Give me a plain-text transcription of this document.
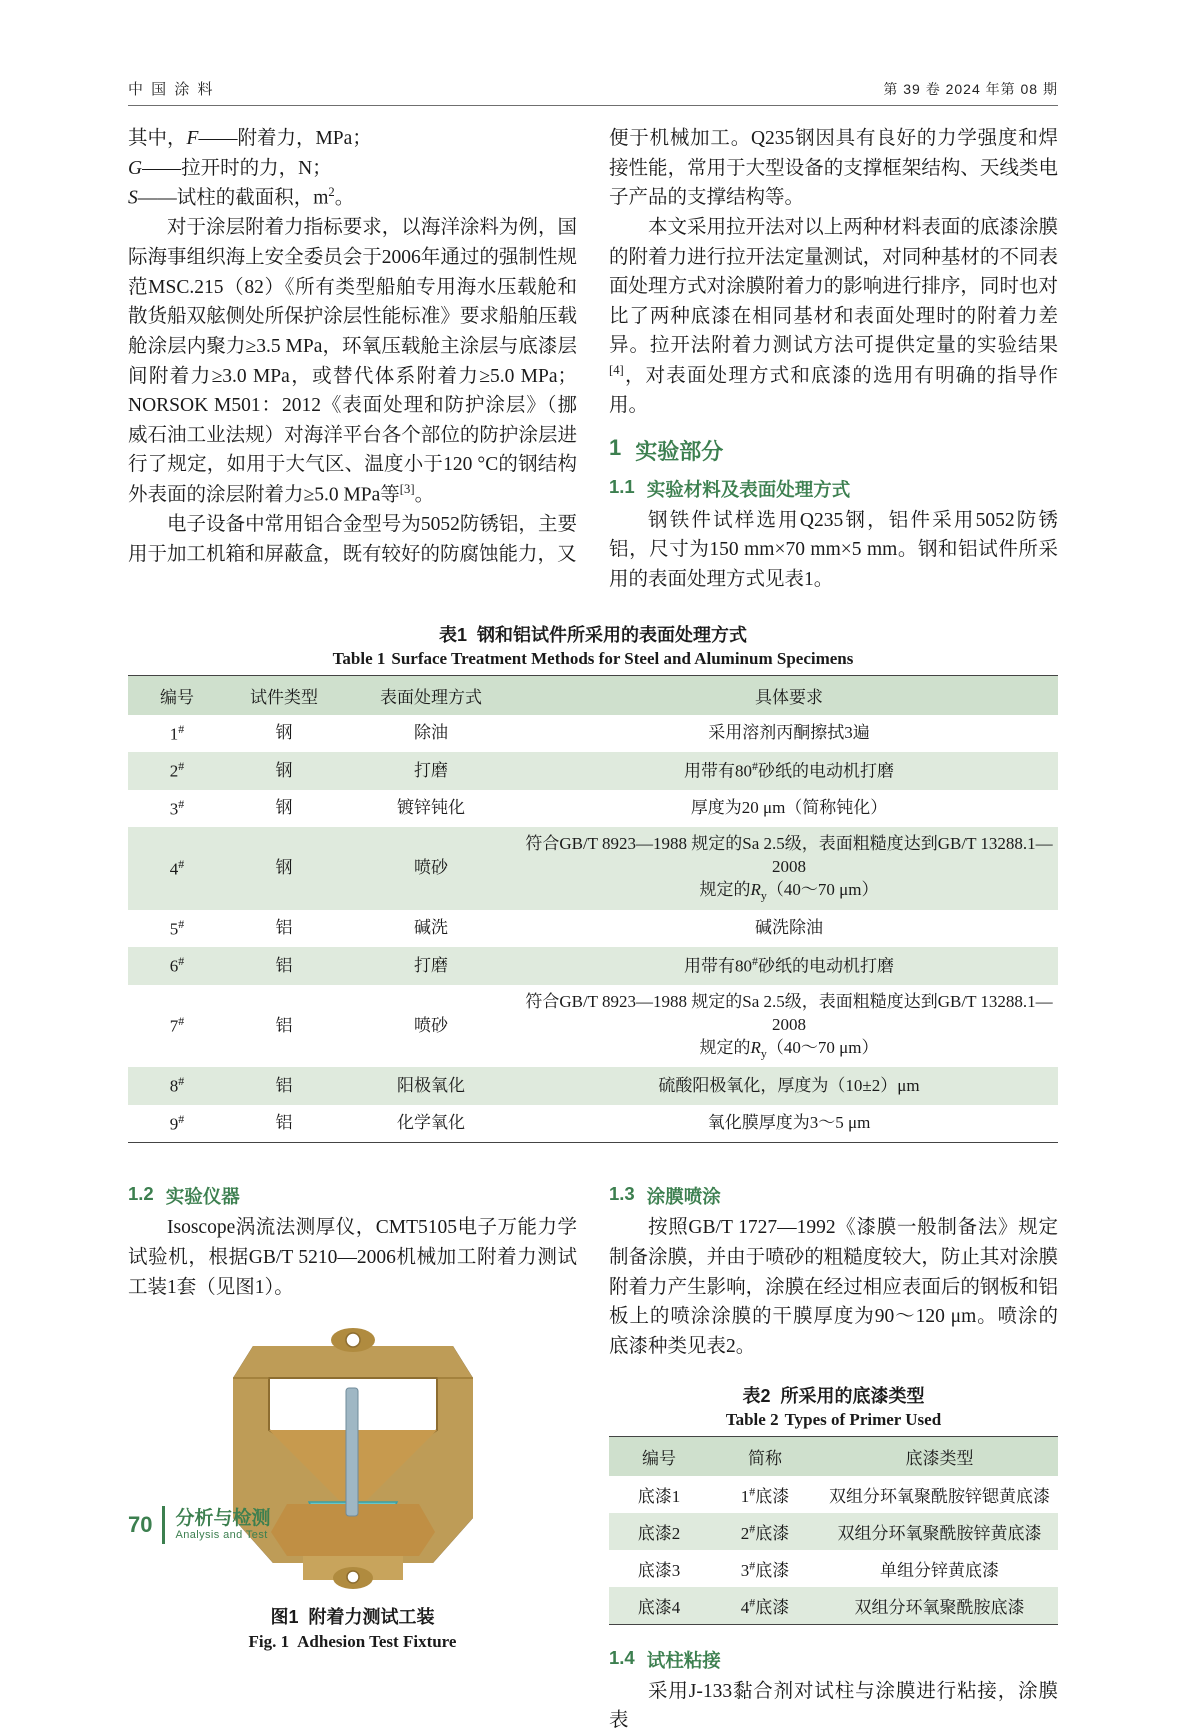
中 国 涂 料	第 39 卷 2024 年第 08 期

其中，F——附着力，MPa；

G——拉开时的力，N；

S——试柱的截面积，$m^2$。

对于涂层附着力指标要求，以海洋涂料为例，国际海事组织海上安全委员会于2006年通过的强制性规范MSC.215（82）《所有类型船舶专用海水压载舱和散货船双舷侧处所保护涂层性能标准》要求船舶压载舱涂层内聚力≥3.5 MPa，环氧压载舱主涂层与底漆层间附着力≥3.0 MPa，或替代体系附着力≥5.0 MPa；NORSOK M501：2012《表面处理和防护涂层》（挪威石油工业法规）对海洋平台各个部位的防护涂层进行了规定，如用于大气区、温度小于120 °C的钢结构外表面的涂层附着力≥5.0 MPa等[3]。

电子设备中常用铝合金型号为5052防锈铝，主要用于加工机箱和屏蔽盒，既有较好的防腐蚀能力，又

便于机械加工。Q235钢因具有良好的力学强度和焊接性能，常用于大型设备的支撑框架结构、天线类电子产品的支撑结构等。

本文采用拉开法对以上两种材料表面的底漆涂膜的附着力进行拉开法定量测试，对同种基材的不同表面处理方式对涂膜附着力的影响进行排序，同时也对比了两种底漆在相同基材和表面处理时的附着力差异。拉开法附着力测试方法可提供定量的实验结果[4]，对表面处理方式和底漆的选用有明确的指导作用。

1 实验部分
1.1 实验材料及表面处理方式

钢铁件试样选用Q235钢，铝件采用5052防锈铝，尺寸为150 mm×70 mm×5 mm。钢和铝试件所采用的表面处理方式见表1。

表1 钢和铝试件所采用的表面处理方式
Table 1 Surface Treatment Methods for Steel and Aluminum Specimens
编号	试件类型	表面处理方式	具体要求
1#	钢	除油	采用溶剂丙酮擦拭3遍
2#	钢	打磨	用带有80#砂纸的电动机打磨
3#	钢	镀锌钝化	厚度为20 μm（简称钝化）
4#	钢	喷砂	符合GB/T 8923—1988 规定的Sa 2.5级，表面粗糙度达到GB/T 13288.1—2008
规定的$R_y(40\sim 70$ μm）
5#	铝	碱洗	碱洗除油
6#	铝	打磨	用带有80#砂纸的电动机打磨
7#	铝	喷砂	符合GB/T 8923—1988 规定的Sa 2.5级，表面粗糙度达到GB/T 13288.1—2008
规定的$R_y(40\sim 70$ μm）
8#	铝	阳极氧化	硫酸阳极氧化，厚度为（10±2）μm
9#	铝	化学氧化	氧化膜厚度为3～5 μm
1.2 实验仪器

Isoscope涡流法测厚仪，CMT5105电子万能力学试验机，根据GB/T 5210—2006机械加工附着力测试工装1套（见图1）。

图1 附着力测试工装
Fig. 1 Adhesion Test Fixture
1.3 涂膜喷涂

按照GB/T 1727—1992《漆膜一般制备法》规定制备涂膜，并由于喷砂的粗糙度较大，防止其对涂膜附着力产生影响，涂膜在经过相应表面后的钢板和铝板上的喷涂涂膜的干膜厚度为90～120 μm。喷涂的底漆种类见表2。

表2 所采用的底漆类型
Table 2 Types of Primer Used
编号	简称	底漆类型
底漆1	1#底漆	双组分环氧聚酰胺锌锶黄底漆
底漆2	2#底漆	双组分环氧聚酰胺锌黄底漆
底漆3	3#底漆	单组分锌黄底漆
底漆4	4#底漆	双组分环氧聚酰胺底漆
1.4 试柱粘接

采用J-133黏合剂对试柱与涂膜进行粘接，涂膜表

70 分析与检测
Analysis and Test
